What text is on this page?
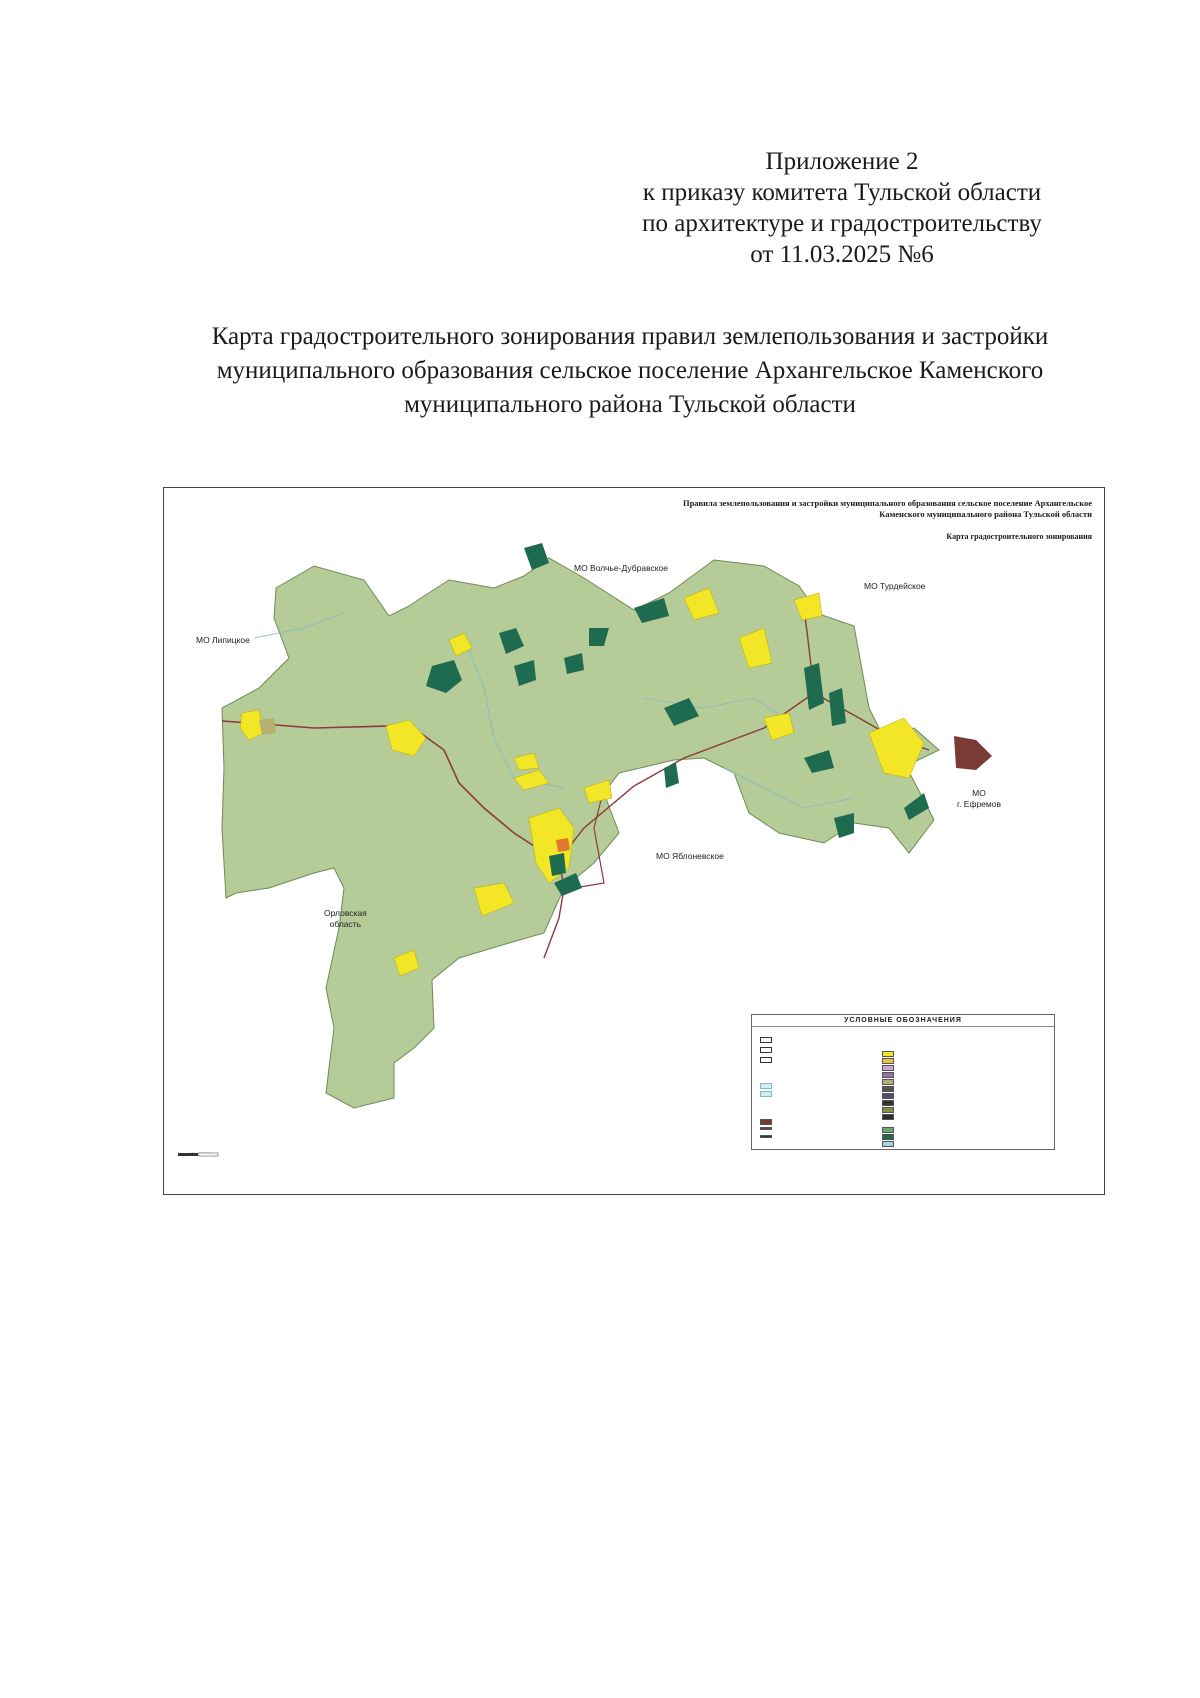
Приложение 2
к приказу комитета Тульской области
по архитектуре и градостроительству
от 11.03.2025 №6
Карта градостроительного зонирования правил землепользования и застройки
муниципального образования сельское поселение Архангельское Каменского
муниципального района Тульской области
Правила землепользования и застройки муниципального образования сельское поселение Архангельское
Каменского муниципального района Тульской области
Карта градостроительного зонирования
МО Волчье-Дубравское
МО Турдейское
МО Липицкое
МО
г. Ефремов
МО Яблоневское
Орловская
область
УСЛОВНЫЕ ОБОЗНАЧЕНИЯ
